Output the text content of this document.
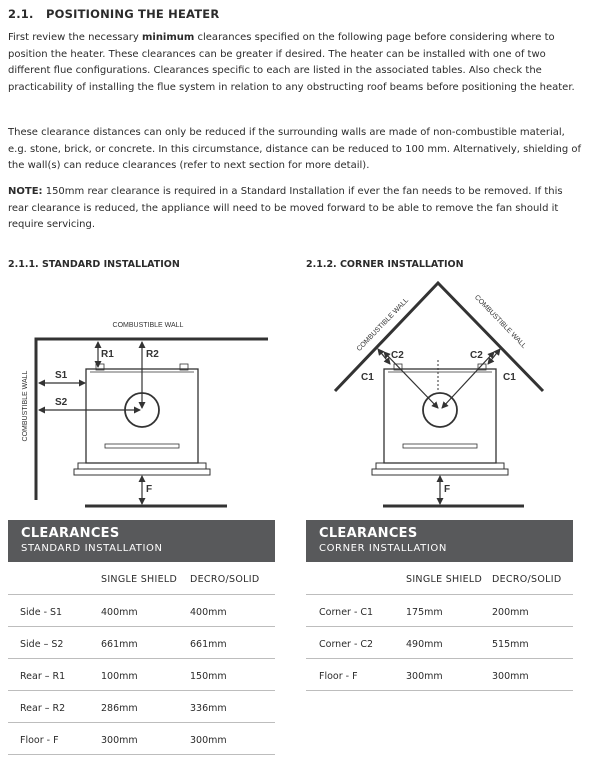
2.1. POSITIONING THE HEATER
First review the necessary minimum clearances specified on the following page before considering where to position the heater. These clearances can be greater if desired. The heater can be installed with one of two different flue configurations. Clearances specific to each are listed in the associated tables. Also check the practicability of installing the flue system in relation to any obstructing roof beams before positioning the heater.
These clearance distances can only be reduced if the surrounding walls are made of non-combustible material, e.g. stone, brick, or concrete. In this circumstance, distance can be reduced to 100 mm. Alternatively, shielding of the wall(s) can reduce clearances (refer to next section for more detail).
NOTE: 150mm rear clearance is required in a Standard Installation if ever the fan needs to be removed. If this rear clearance is reduced, the appliance will need to be moved forward to be able to remove the fan should it require servicing.
2.1.1. STANDARD INSTALLATION	2.1.2. CORNER INSTALLATION
COMBUSTIBLE WALL
COMBUSTIBLE WALL
R1	R2
S1
S2
F
COMBUSTIBLE WALL	COMBUSTIBLE WALL
C2	C2
C1	C1
F
CLEARANCES
STANDARD INSTALLATION
SINGLE SHIELD DECRO/SOLID
Side - S1	400mm	400mm
Side – S2	661mm	661mm
Rear – R1	100mm	150mm
Rear – R2	286mm	336mm
Floor - F	300mm	300mm
CLEARANCES
CORNER INSTALLATION
SINGLE SHIELD DECRO/SOLID
Corner - C1	175mm	200mm
Corner - C2	490mm	515mm
Floor - F	300mm	300mm
